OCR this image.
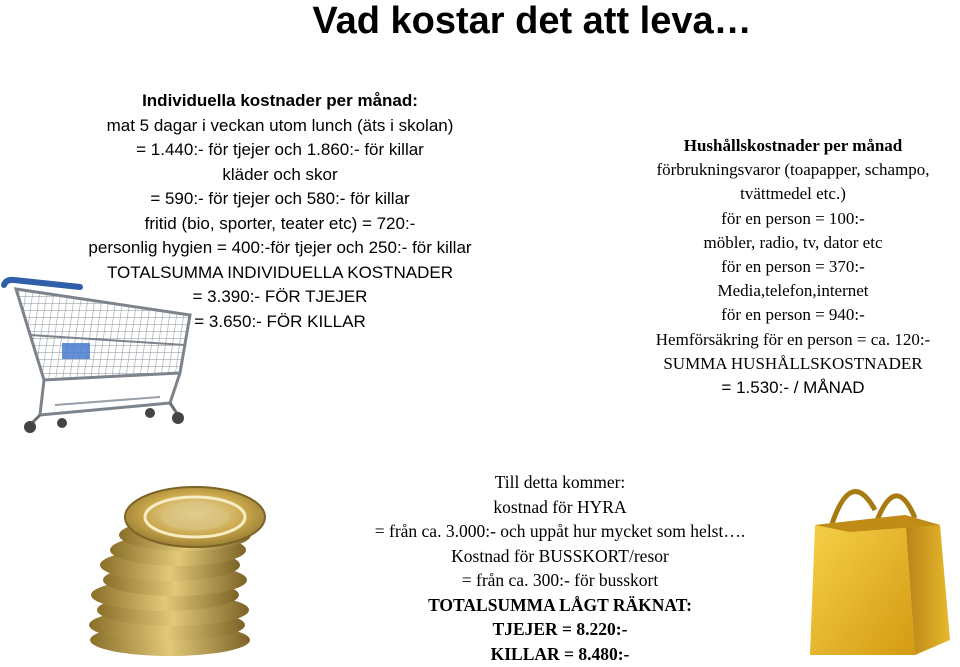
Vad kostar det att leva…
Individuella kostnader per månad:
mat 5 dagar i veckan utom lunch (äts i skolan)
= 1.440:- för tjejer och 1.860:- för killar
kläder och skor
= 590:- för tjejer och 580:- för killar
fritid (bio, sporter, teater etc) = 720:-
personlig hygien = 400:-för tjejer och 250:- för killar
TOTALSUMMA INDIVIDUELLA KOSTNADER
= 3.390:- FÖR TJEJER
= 3.650:- FÖR KILLAR
Hushållskostnader per månad
förbrukningsvaror (toapapper, schampo,
tvättmedel etc.)
för en person = 100:-
möbler, radio, tv, dator etc
för en person = 370:-
Media,telefon,internet
för en person = 940:-
Hemförsäkring för en person = ca. 120:-
SUMMA HUSHÅLLSKOSTNADER
= 1.530:- / MÅNAD
Till detta kommer:
kostnad för HYRA
= från ca. 3.000:- och uppåt hur mycket som helst….
Kostnad för BUSSKORT/resor
= från ca. 300:- för busskort
TOTALSUMMA LÅGT RÄKNAT:
TJEJER = 8.220:-
KILLAR = 8.480:-
